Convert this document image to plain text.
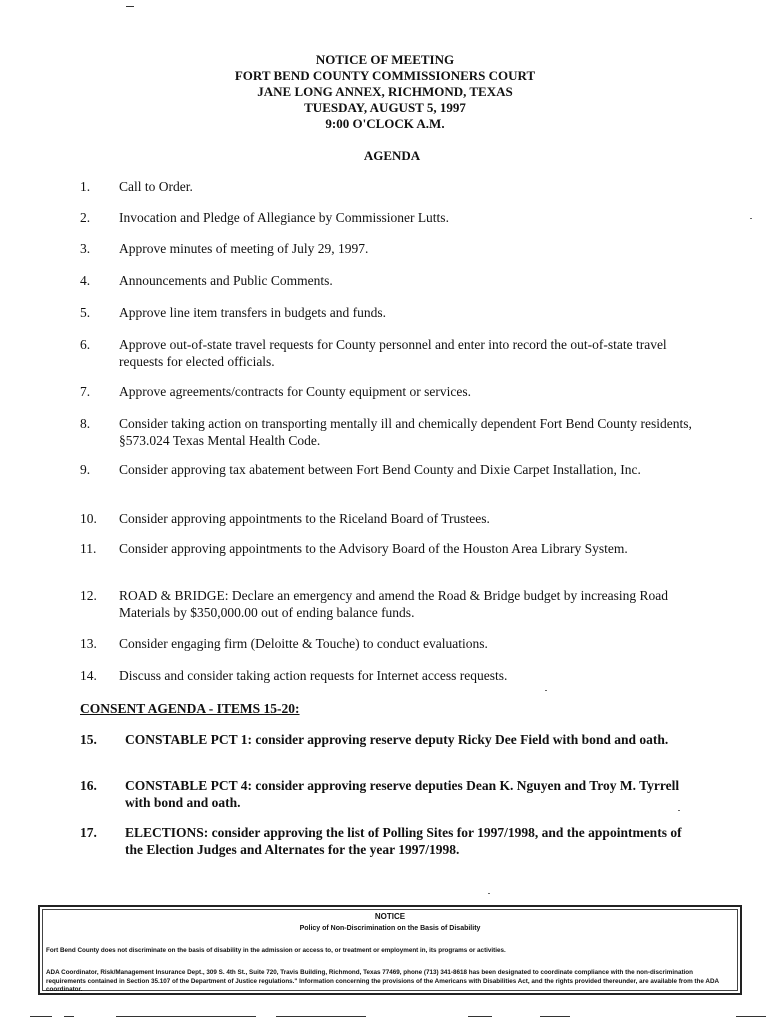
NOTICE OF MEETING
FORT BEND COUNTY COMMISSIONERS COURT
JANE LONG ANNEX, RICHMOND, TEXAS
TUESDAY, AUGUST 5, 1997
9:00 O'CLOCK A.M.
AGENDA
1.	Call to Order.
2.	Invocation and Pledge of Allegiance by Commissioner Lutts.
3.	Approve minutes of meeting of July 29, 1997.
4.	Announcements and Public Comments.
5.	Approve line item transfers in budgets and funds.
6.	Approve out-of-state travel requests for County personnel and enter into record the out-of-state travel requests for elected officials.
7.	Approve agreements/contracts for County equipment or services.
8.	Consider taking action on transporting mentally ill and chemically dependent Fort Bend County residents, §573.024 Texas Mental Health Code.
9.	Consider approving tax abatement between Fort Bend County and Dixie Carpet Installation, Inc.
10.	Consider approving appointments to the Riceland Board of Trustees.
11.	Consider approving appointments to the Advisory Board of the Houston Area Library System.
12.	ROAD & BRIDGE: Declare an emergency and amend the Road & Bridge budget by increasing Road Materials by $350,000.00 out of ending balance funds.
13.	Consider engaging firm (Deloitte & Touche) to conduct evaluations.
14.	Discuss and consider taking action requests for Internet access requests.
CONSENT AGENDA - ITEMS 15-20:
15.	CONSTABLE PCT 1: consider approving reserve deputy Ricky Dee Field with bond and oath.
16.	CONSTABLE PCT 4: consider approving reserve deputies Dean K. Nguyen and Troy M. Tyrrell with bond and oath.
17.	ELECTIONS: consider approving the list of Polling Sites for 1997/1998, and the appointments of the Election Judges and Alternates for the year 1997/1998.
NOTICE
Policy of Non-Discrimination on the Basis of Disability
Fort Bend County does not discriminate on the basis of disability in the admission or access to, or treatment or employment in, its programs or activities.
ADA Coordinator, Risk/Management Insurance Dept., 309 S. 4th St., Suite 720, Travis Building, Richmond, Texas 77469, phone (713) 341-8618 has been designated to coordinate compliance with the non-discrimination requirements contained in Section 35.107 of the Department of Justice regulations." Information concerning the provisions of the Americans with Disabilities Act, and the rights provided thereunder, are available from the ADA coordinator.
